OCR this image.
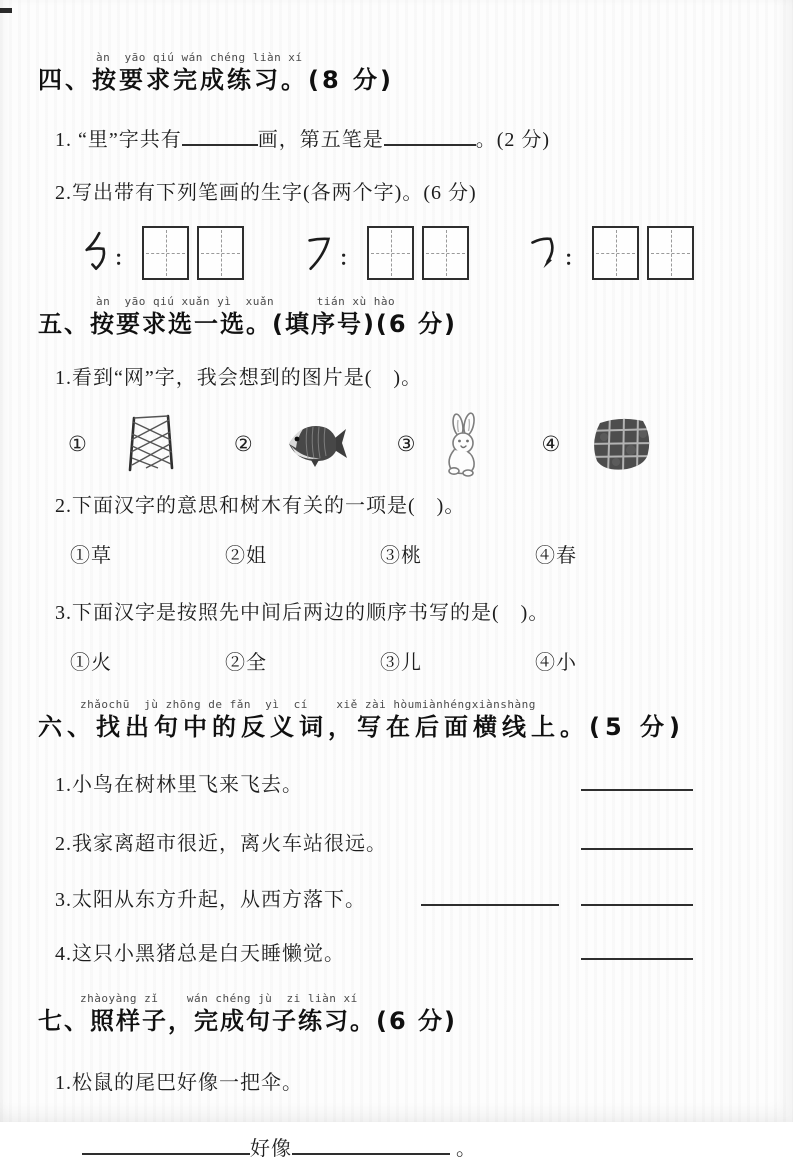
àn  yāo qiú wán chéng liàn xí
四、按要求完成练习。(8 分)

1. “里”字共有	画，第五笔是	。(2 分)

2.写出带有下列笔画的生字(各两个字)。(6 分)

：	：	：
àn  yāo qiú xuǎn yì  xuǎn      tián xù hào
五、按要求选一选。(填序号)(6 分)

1.看到“网”字，我会想到的图片是(　)。

①	②	③	④

2.下面汉字的意思和树木有关的一项是(　)。

①草	②姐	③桃	④春

3.下面汉字是按照先中间后两边的顺序书写的是(　)。

①火	②全	③儿	④小
zhǎochū  jù zhōng de fǎn  yì  cí    xiě zài hòumiànhéngxiànshàng
六、找出句中的反义词，写在后面横线上。(5 分)
1.小鸟在树林里飞来飞去。
2.我家离超市很近，离火车站很远。
3.太阳从东方升起，从西方落下。
4.这只小黑猪总是白天睡懒觉。
zhàoyàng zǐ    wán chéng jù  zi liàn xí
七、照样子，完成句子练习。(6 分)

1.松鼠的尾巴好像一把伞。

好像	。
